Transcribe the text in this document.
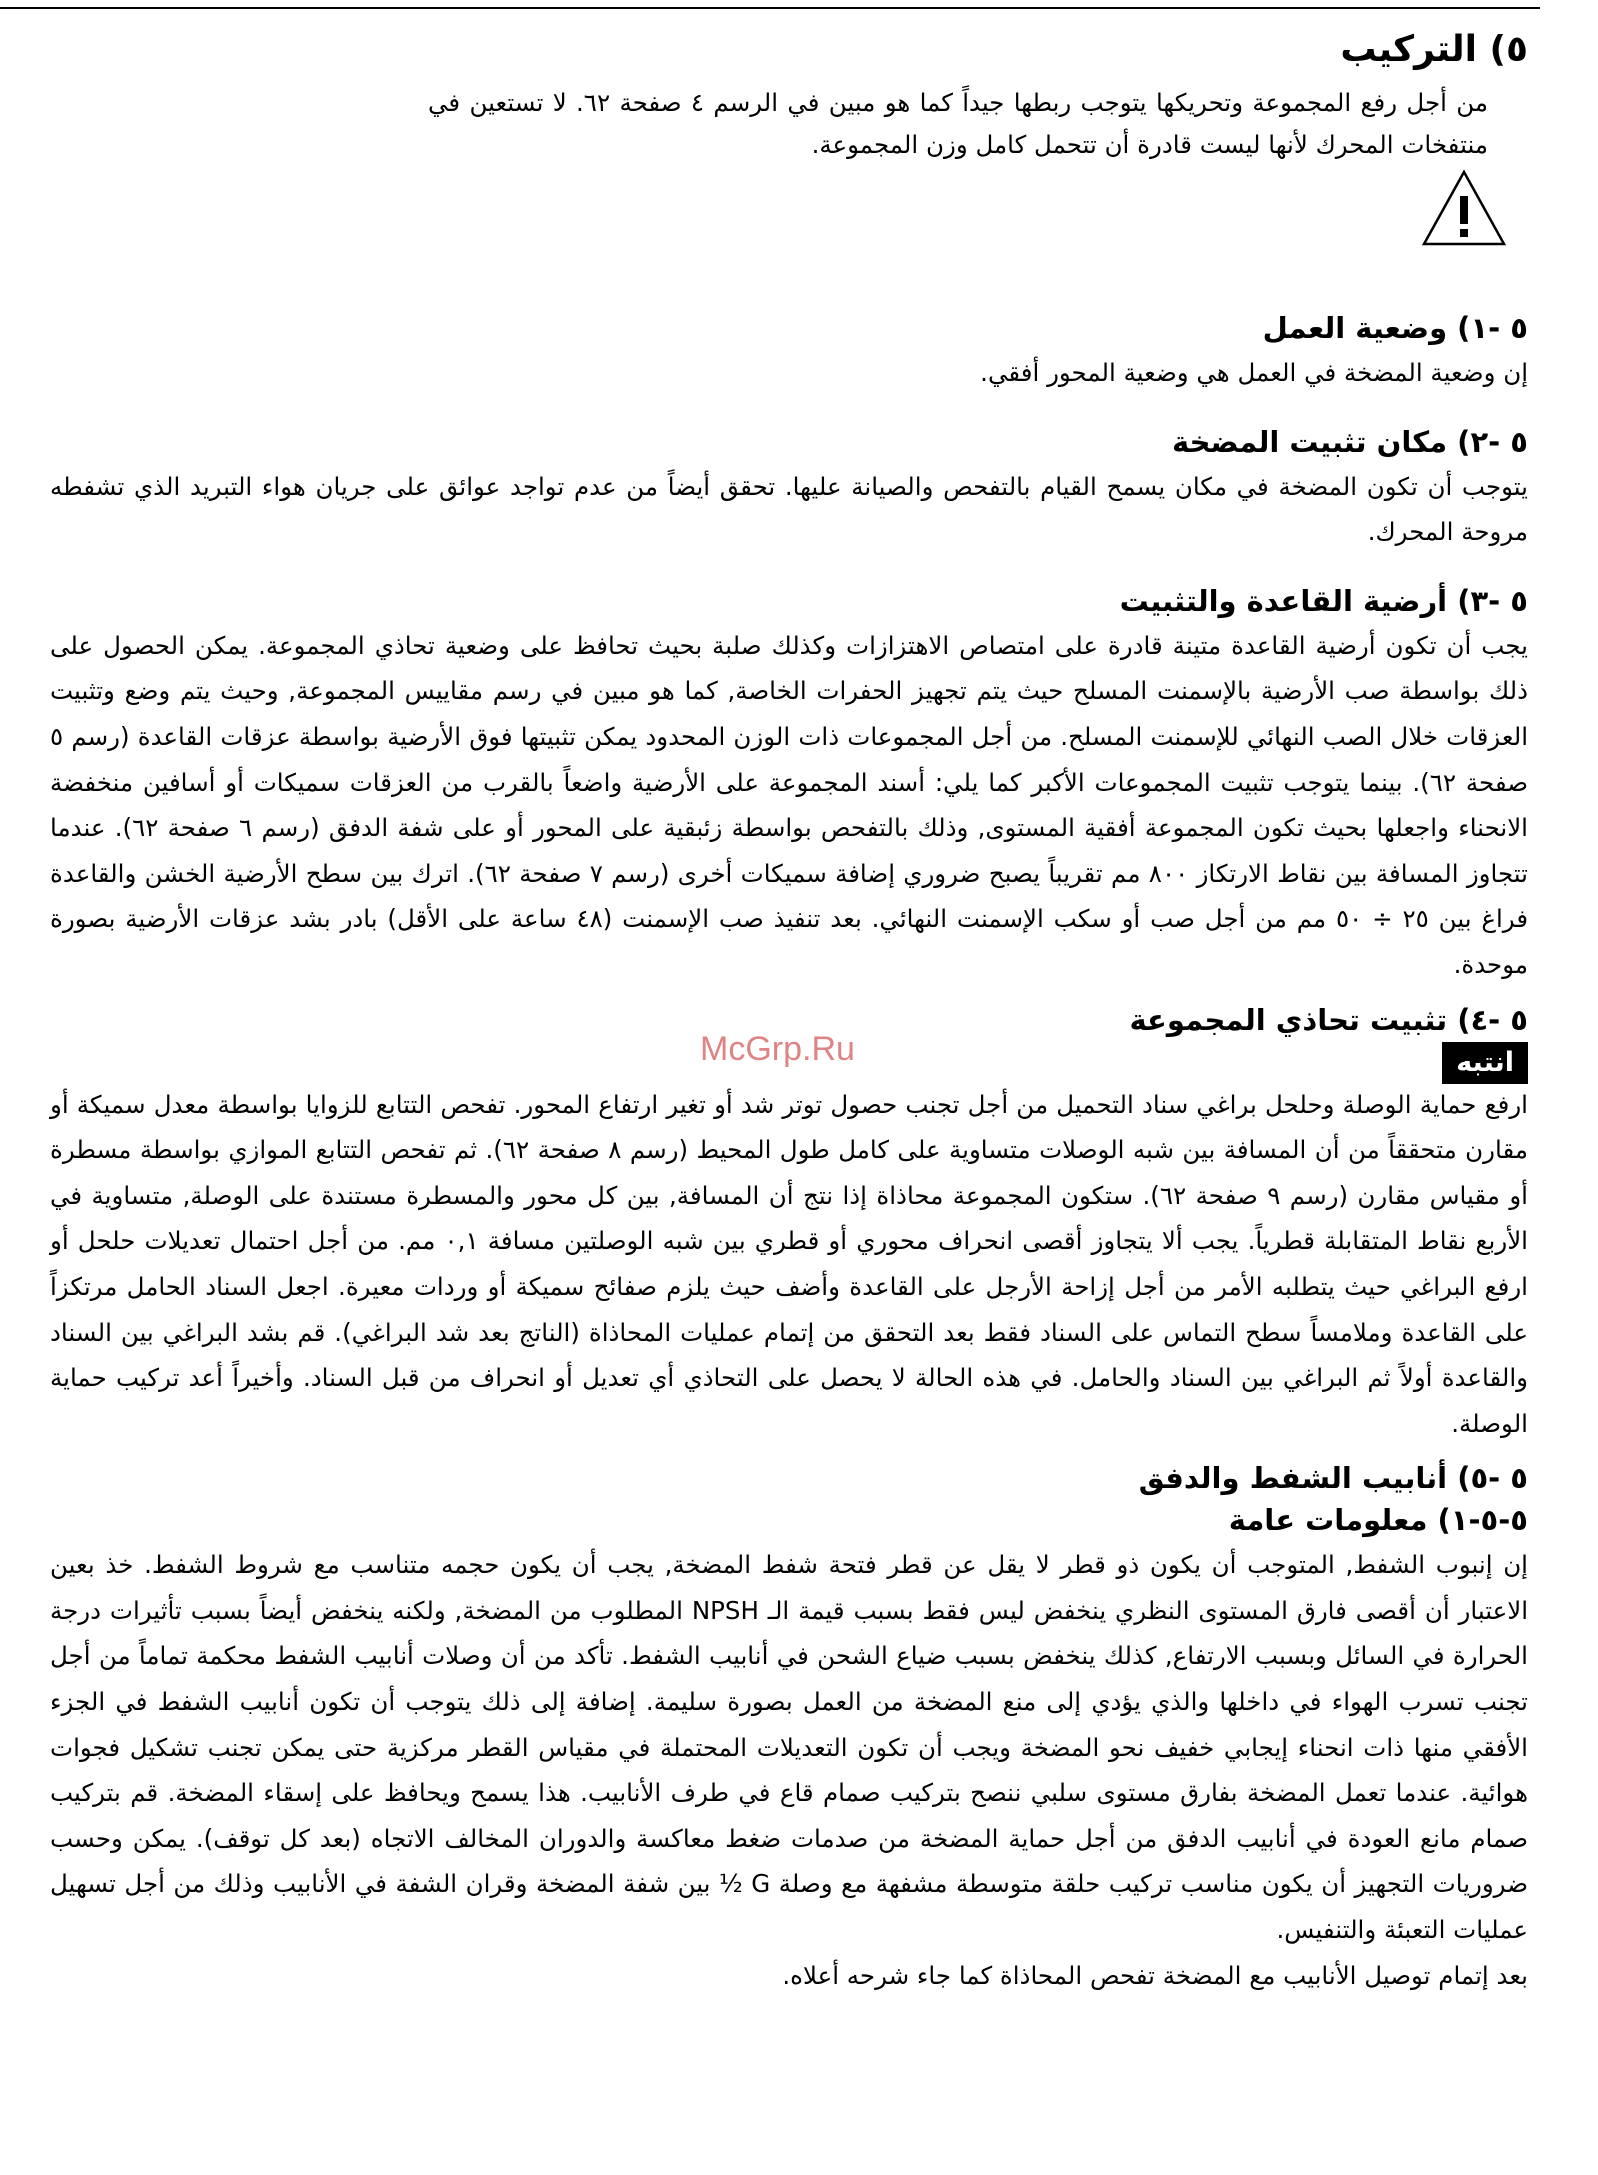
٥) التركيب
من أجل رفع المجموعة وتحريكها يتوجب ربطها جيداً كما هو مبين في الرسم ٤ صفحة ٦٢. لا تستعين في منتفخات المحرك لأنها ليست قادرة أن تتحمل كامل وزن المجموعة.
٥ -١) وضعية العمل
إن وضعية المضخة في العمل هي وضعية المحور أفقي.
٥ -٢) مكان تثبيت المضخة
يتوجب أن تكون المضخة في مكان يسمح القيام بالتفحص والصيانة عليها. تحقق أيضاً من عدم تواجد عوائق على جريان هواء التبريد الذي تشفطه مروحة المحرك.
٥ -٣) أرضية القاعدة والتثبيت
يجب أن تكون أرضية القاعدة متينة قادرة على امتصاص الاهتزازات وكذلك صلبة بحيث تحافظ على وضعية تحاذي المجموعة. يمكن الحصول على ذلك بواسطة صب الأرضية بالإسمنت المسلح حيث يتم تجهيز الحفرات الخاصة, كما هو مبين في رسم مقاييس المجموعة, وحيث يتم وضع وتثبيت العزقات خلال الصب النهائي للإسمنت المسلح. من أجل المجموعات ذات الوزن المحدود يمكن تثبيتها فوق الأرضية بواسطة عزقات القاعدة (رسم ٥ صفحة ٦٢). بينما يتوجب تثبيت المجموعات الأكبر كما يلي: أسند المجموعة على الأرضية واضعاً بالقرب من العزقات سميكات أو أسافين منخفضة الانحناء واجعلها بحيث تكون المجموعة أفقية المستوى, وذلك بالتفحص بواسطة زئبقية على المحور أو على شفة الدفق (رسم ٦ صفحة ٦٢). عندما تتجاوز المسافة بين نقاط الارتكاز ٨٠٠ مم تقريباً يصبح ضروري إضافة سميكات أخرى (رسم ٧ صفحة ٦٢). اترك بين سطح الأرضية الخشن والقاعدة فراغ بين ٢٥ ÷ ٥٠ مم من أجل صب أو سكب الإسمنت النهائي. بعد تنفيذ صب الإسمنت (٤٨ ساعة على الأقل) بادر بشد عزقات الأرضية بصورة موحدة.
٥ -٤) تثبيت تحاذي المجموعة
انتبه
McGrp.Ru
ارفع حماية الوصلة وحلحل براغي سناد التحميل من أجل تجنب حصول توتر شد أو تغير ارتفاع المحور. تفحص التتابع للزوايا بواسطة معدل سميكة أو مقارن متحققاً من أن المسافة بين شبه الوصلات متساوية على كامل طول المحيط (رسم ٨ صفحة ٦٢). ثم تفحص التتابع الموازي بواسطة مسطرة أو مقياس مقارن (رسم ٩ صفحة ٦٢). ستكون المجموعة محاذاة إذا نتج أن المسافة, بين كل محور والمسطرة مستندة على الوصلة, متساوية في الأربع نقاط المتقابلة قطرياً. يجب ألا يتجاوز أقصى انحراف محوري أو قطري بين شبه الوصلتين مسافة ٠,١ مم. من أجل احتمال تعديلات حلحل أو ارفع البراغي حيث يتطلبه الأمر من أجل إزاحة الأرجل على القاعدة وأضف حيث يلزم صفائح سميكة أو وردات معيرة. اجعل السناد الحامل مرتكزاً على القاعدة وملامساً سطح التماس على السناد فقط بعد التحقق من إتمام عمليات المحاذاة (الناتج بعد شد البراغي). قم بشد البراغي بين السناد والقاعدة أولاً ثم البراغي بين السناد والحامل. في هذه الحالة لا يحصل على التحاذي أي تعديل أو انحراف من قبل السناد. وأخيراً أعد تركيب حماية الوصلة.
٥ -٥) أنابيب الشفط والدفق
٥-٥-١) معلومات عامة
إن إنبوب الشفط, المتوجب أن يكون ذو قطر لا يقل عن قطر فتحة شفط المضخة, يجب أن يكون حجمه متناسب مع شروط الشفط. خذ بعين الاعتبار أن أقصى فارق المستوى النظري ينخفض ليس فقط بسبب قيمة الـ NPSH المطلوب من المضخة, ولكنه ينخفض أيضاً بسبب تأثيرات درجة الحرارة في السائل وبسبب الارتفاع, كذلك ينخفض بسبب ضياع الشحن في أنابيب الشفط. تأكد من أن وصلات أنابيب الشفط محكمة تماماً من أجل تجنب تسرب الهواء في داخلها والذي يؤدي إلى منع المضخة من العمل بصورة سليمة. إضافة إلى ذلك يتوجب أن تكون أنابيب الشفط في الجزء الأفقي منها ذات انحناء إيجابي خفيف نحو المضخة ويجب أن تكون التعديلات المحتملة في مقياس القطر مركزية حتى يمكن تجنب تشكيل فجوات هوائية. عندما تعمل المضخة بفارق مستوى سلبي ننصح بتركيب صمام قاع في طرف الأنابيب. هذا يسمح ويحافظ على إسقاء المضخة. قم بتركيب صمام مانع العودة في أنابيب الدفق من أجل حماية المضخة من صدمات ضغط معاكسة والدوران المخالف الاتجاه (بعد كل توقف). يمكن وحسب ضروريات التجهيز أن يكون مناسب تركيب حلقة متوسطة مشفهة مع وصلة G ½ بين شفة المضخة وقران الشفة في الأنابيب وذلك من أجل تسهيل عمليات التعبئة والتنفيس.
بعد إتمام توصيل الأنابيب مع المضخة تفحص المحاذاة كما جاء شرحه أعلاه.
